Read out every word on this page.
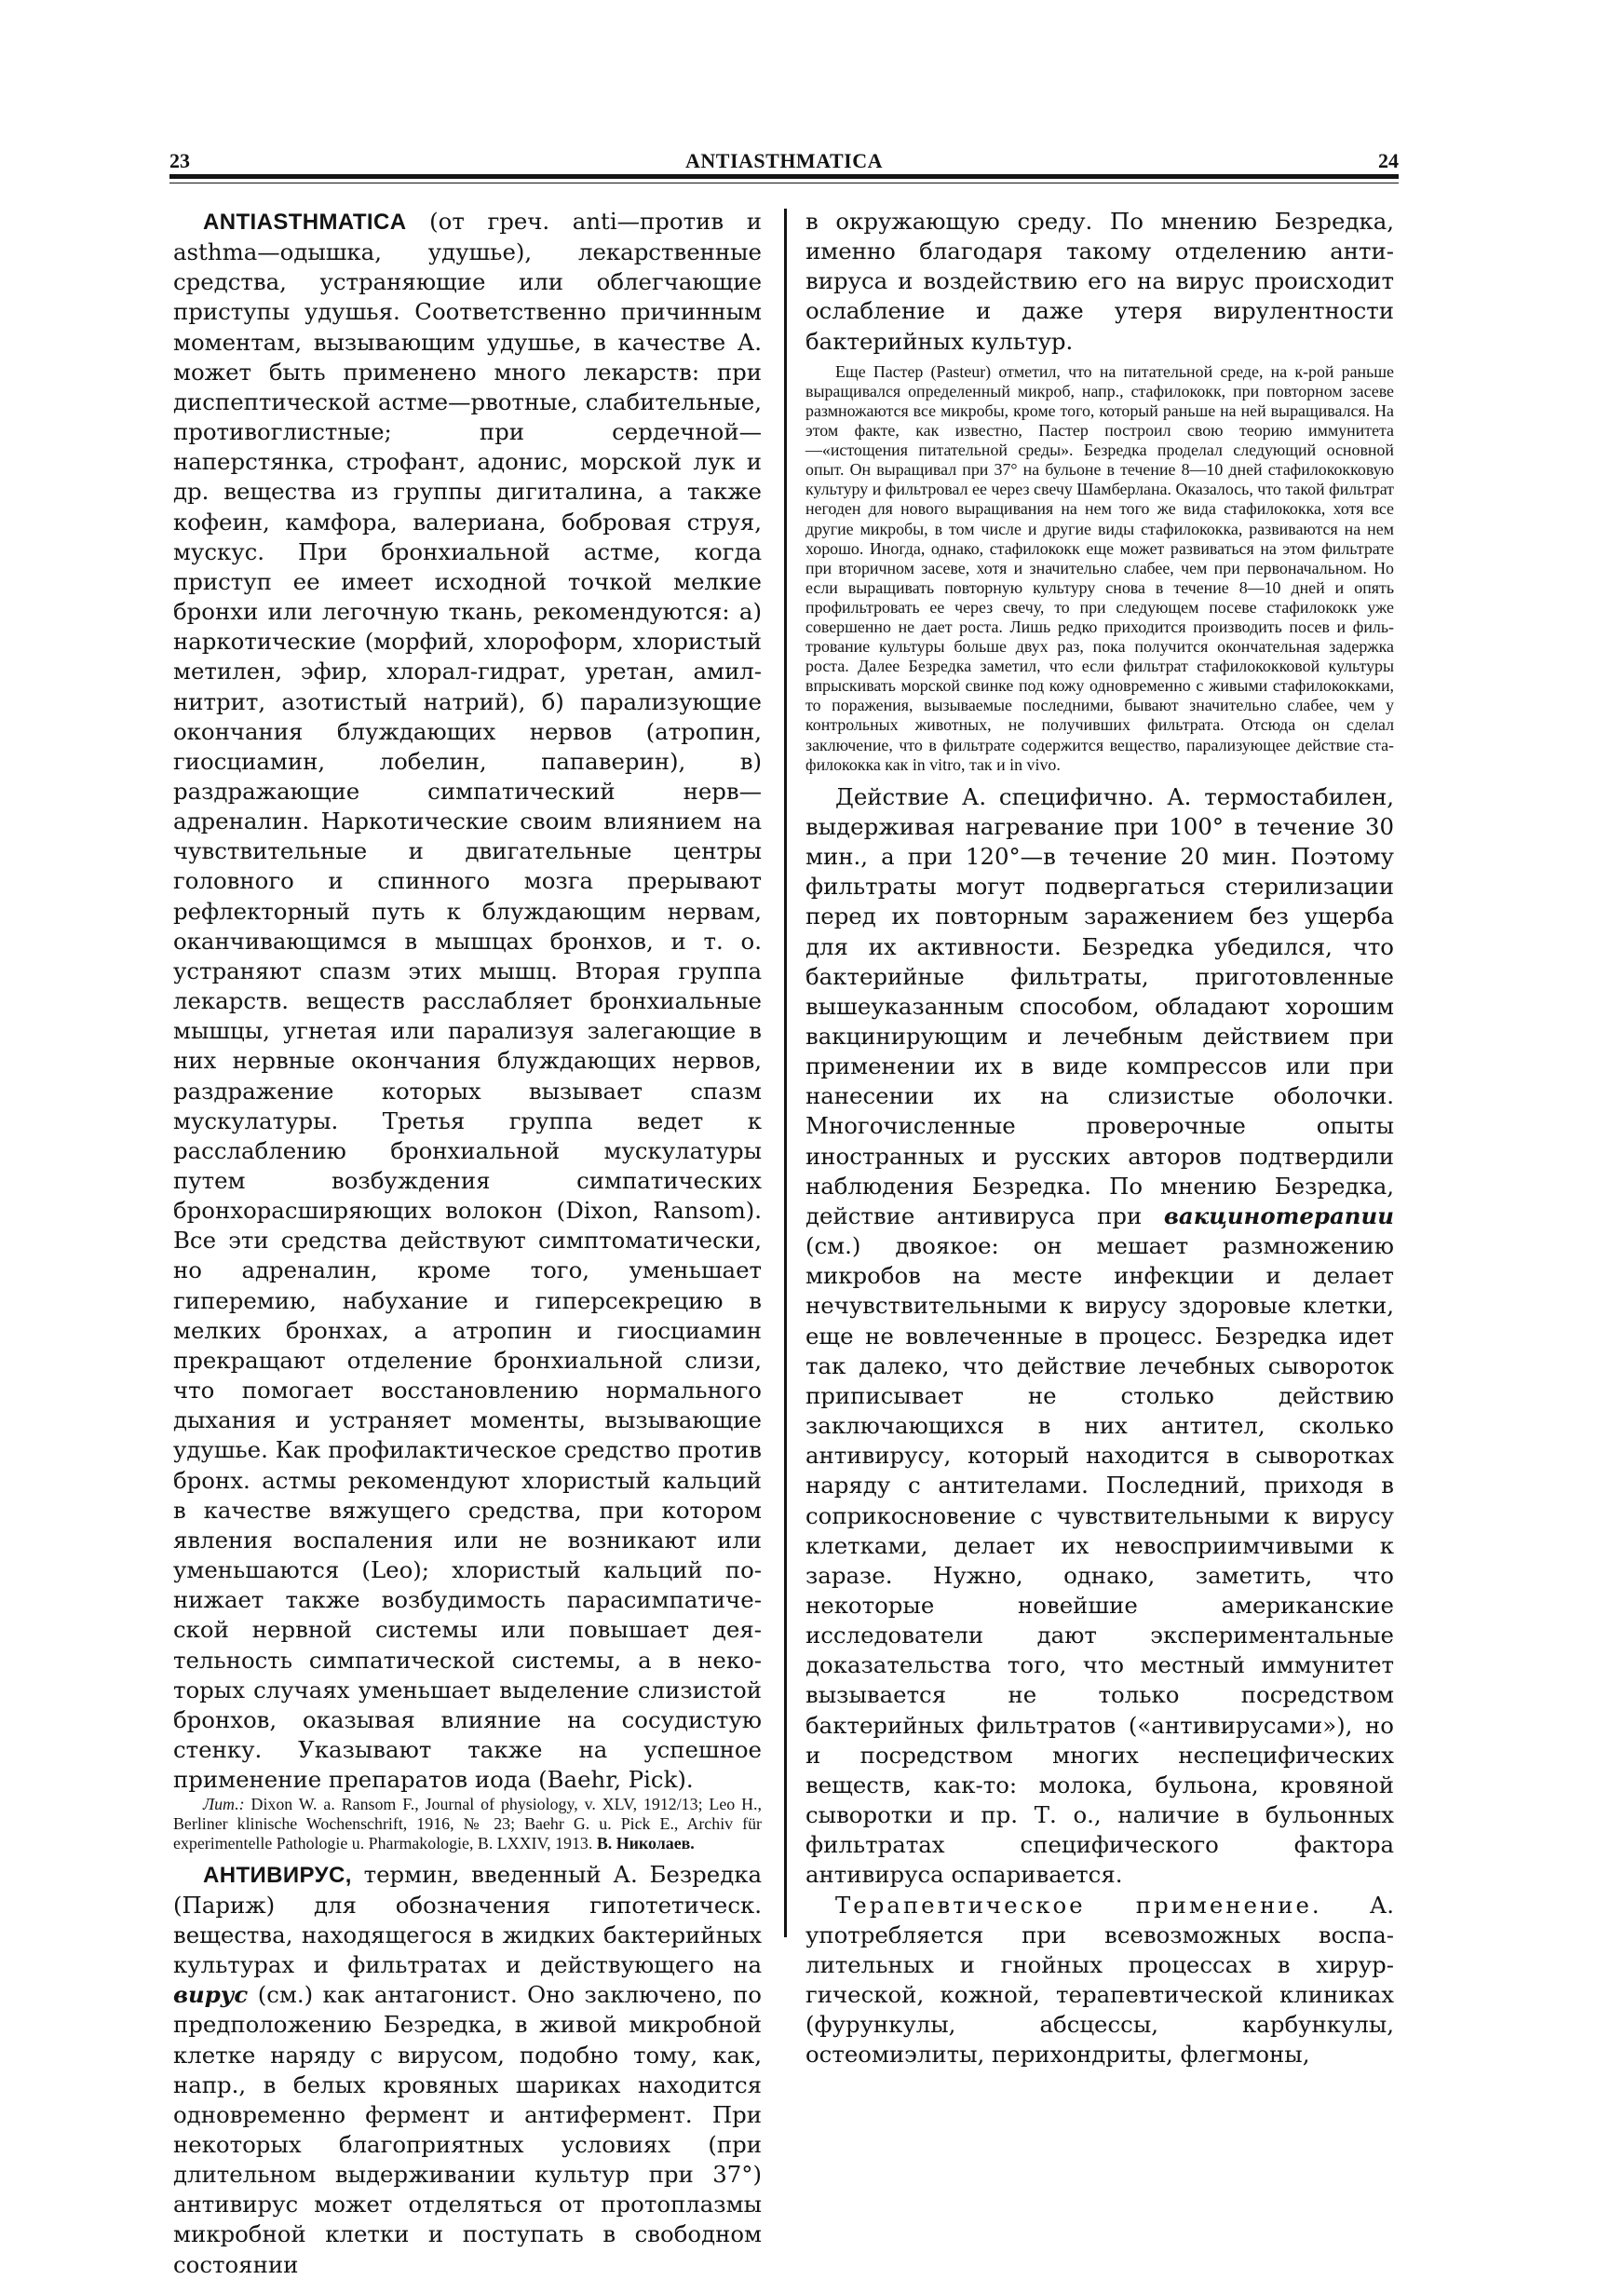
23	ANTIASTHMATICA	24

ANTIASTHMATICA (от греч. anti—против и asthma—одышка, удушье), лекарственные средства, устраняющие или облегчающие приступы удушья. Соответственно причинным моментам, вызывающим удушье, в качестве А. может быть применено много лекарств: при диспептической астме—рвотные, слабительные, противоглистные; при сердечной—наперстянка, строфант, адонис, морской лук и др. вещества из группы дигиталина, а также кофеин, камфора, валериана, бобровая струя, мускус. При бронхиальной астме, когда приступ ее имеет исходной точкой мелкие бронхи или легочную ткань, рекомендуются: а) наркотические (морфий, хлороформ, хлористый метилен, эфир, хлорал-гидрат, уретан, амил-нитрит, азотистый натрий), б) парализующие окончания блуждающих нервов (атропин, гиосциамин, лобелин, папаверин), в) раздражающие симпатический нерв—адреналин. Наркотические своим влиянием на чувствительные и двигательные центры головного и спинного мозга прерывают рефлекторный путь к блуждающим нервам, оканчивающимся в мышцах бронхов, и т. о. устраняют спазм этих мышц. Вторая группа лекарств. веществ расслабляет бронхиальные мышцы, угнетая или парализуя залегающие в них нервные окончания блуждающих нервов, раздражение которых вызывает спазм мускулатуры. Третья группа ведет к расслаблению бронхиальной мускулатуры путем возбуждения симпатических бронхорасширяющих волокон (Dixon, Ransom). Все эти средства действуют симптоматически, но адреналин, кроме того, уменьшает гиперемию, набухание и гиперсекрецию в мелких бронхах, а атропин и гиосциамин прекращают отделение бронхиальной слизи, что помогает восстановлению нормального дыхания и устраняет моменты, вызывающие удушье. Как профилактическое средство против бронх. астмы рекомендуют хлористый кальций в качестве вяжущего средства, при котором явления воспаления или не возникают или уменьшаются (Leo); хлористый кальций понижает также возбудимость парасимпатической нервной системы или повышает деятельность симпатической системы, а в некоторых случаях уменьшает выделение слизистой бронхов, оказывая влияние на сосудистую стенку. Указывают также на успешное применение препаратов иода (Baehr, Pick).

Лит.: Dixon W. a. Ransom F., Journal of physiology, v. XLV, 1912/13; Leo H., Berliner klinische Wochenschrift, 1916, № 23; Baehr G. u. Pick E., Archiv für experimentelle Pathologie u. Pharmakologie, B. LXXIV, 1913. В. Николаев.

АНТИВИРУС, термин, введенный А. Безредка (Париж) для обозначения гипотетическ. вещества, находящегося в жидких бактерийных культурах и фильтратах и действующего на вирус (см.) как антагонист. Оно заключено, по предположению Безредка, в живой микробной клетке наряду с вирусом, подобно тому, как, напр., в белых кровяных шариках находится одновременно фермент и антифермент. При некоторых благоприятных условиях (при длительном выдерживании культур при 37°) антивирус может отделяться от протоплазмы микробной клетки и поступать в свободном состоянии

в окружающую среду. По мнению Безредка, именно благодаря такому отделению антивируса и воздействию его на вирус происходит ослабление и даже утеря вирулентности бактерийных культур.

Еще Пастер (Pasteur) отметил, что на питательной среде, на к-рой раньше выращивался определенный микроб, напр., стафилококк, при повторном засеве размножаются все микробы, кроме того, который раньше на ней выращивался. На этом факте, как известно, Пастер построил свою теорию иммунитета—«истощения питательной среды». Безредка проделал следующий основной опыт. Он выращивал при 37° на бульоне в течение 8—10 дней стафилококковую культуру и фильтровал ее через свечу Шамберлана. Оказалось, что такой фильтрат негоден для нового выращивания на нем того же вида стафилококка, хотя все другие микробы, в том числе и другие виды стафилококка, развиваются на нем хорошо. Иногда, однако, стафилококк еще может развиваться на этом фильтрате при вторичном засеве, хотя и значительно слабее, чем при первоначальном. Но если выращивать повторную культуру снова в течение 8—10 дней и опять профильтровать ее через свечу, то при следующем посеве стафилококк уже совершенно не дает роста. Лишь редко приходится производить посев и фильтрование культуры больше двух раз, пока получится окончательная задержка роста. Далее Безредка заметил, что если фильтрат стафилококковой культуры впрыскивать морской свинке под кожу одновременно с живыми стафилококками, то поражения, вызываемые последними, бывают значительно слабее, чем у контрольных животных, не получивших фильтрата. Отсюда он сделал заключение, что в фильтрате содержится вещество, парализующее действие стафилококка как in vitro, так и in vivo.

Действие А. специфично. А. термостабилен, выдерживая нагревание при 100° в течение 30 мин., а при 120°—в течение 20 мин. Поэтому фильтраты могут подвергаться стерилизации перед их повторным заражением без ущерба для их активности. Безредка убедился, что бактерийные фильтраты, приготовленные вышеуказанным способом, обладают хорошим вакцинирующим и лечебным действием при применении их в виде компрессов или при нанесении их на слизистые оболочки. Многочисленные проверочные опыты иностранных и русских авторов подтвердили наблюдения Безредка. По мнению Безредка, действие антивируса при вакцинотерапии (см.) двоякое: он мешает размножению микробов на месте инфекции и делает нечувствительными к вирусу здоровые клетки, еще не вовлеченные в процесс. Безредка идет так далеко, что действие лечебных сывороток приписывает не столько действию заключающихся в них антител, сколько антивирусу, который находится в сыворотках наряду с антителами. Последний, приходя в соприкосновение с чувствительными к вирусу клетками, делает их невосприимчивыми к заразе. Нужно, однако, заметить, что некоторые новейшие американские исследователи дают экспериментальные доказательства того, что местный иммунитет вызывается не только посредством бактерийных фильтратов («антивирусами»), но и посредством многих неспецифических веществ, как-то: молока, бульона, кровяной сыворотки и пр. Т. о., наличие в бульонных фильтратах специфического фактора антивируса оспаривается.

Терапевтическое применение. А. употребляется при всевозможных воспалительных и гнойных процессах в хирургической, кожной, терапевтической клиниках (фурункулы, абсцессы, карбункулы, остеомиэлиты, перихондриты, флегмоны,
